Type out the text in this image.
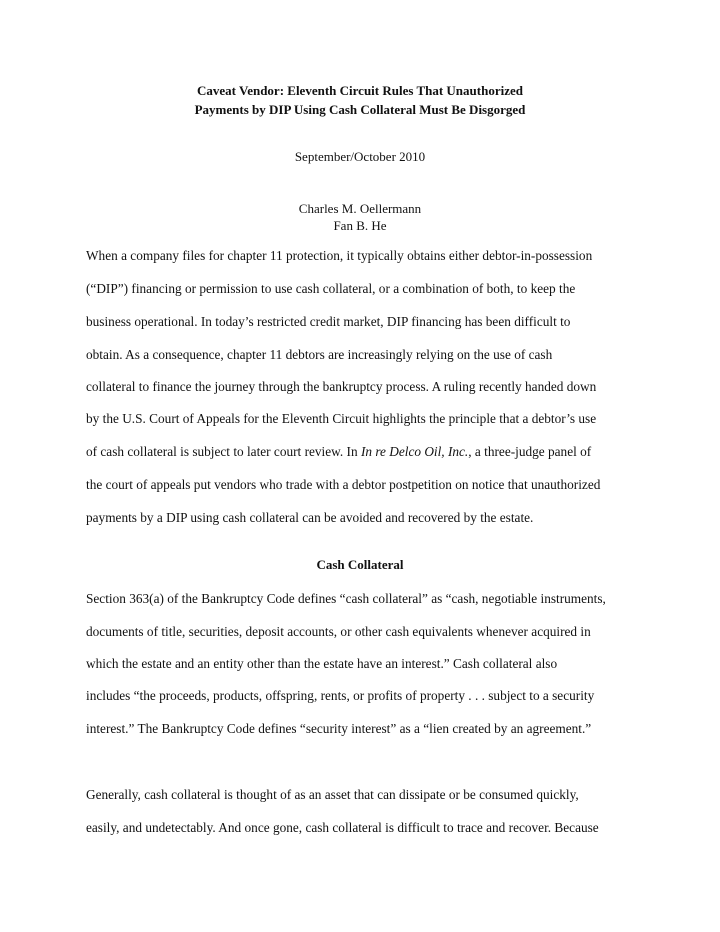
Caveat Vendor: Eleventh Circuit Rules That Unauthorized
Payments by DIP Using Cash Collateral Must Be Disgorged

September/October 2010

Charles M. Oellermann
Fan B. He

When a company files for chapter 11 protection, it typically obtains either debtor-in-possession

(“DIP”) financing or permission to use cash collateral, or a combination of both, to keep the

business operational. In today’s restricted credit market, DIP financing has been difficult to

obtain. As a consequence, chapter 11 debtors are increasingly relying on the use of cash

collateral to finance the journey through the bankruptcy process. A ruling recently handed down

by the U.S. Court of Appeals for the Eleventh Circuit highlights the principle that a debtor’s use

of cash collateral is subject to later court review. In In re Delco Oil, Inc., a three-judge panel of

the court of appeals put vendors who trade with a debtor postpetition on notice that unauthorized

payments by a DIP using cash collateral can be avoided and recovered by the estate.

Cash Collateral

Section 363(a) of the Bankruptcy Code defines “cash collateral” as “cash, negotiable instruments,

documents of title, securities, deposit accounts, or other cash equivalents whenever acquired in

which the estate and an entity other than the estate have an interest.” Cash collateral also

includes “the proceeds, products, offspring, rents, or profits of property . . . subject to a security

interest.” The Bankruptcy Code defines “security interest” as a “lien created by an agreement.”

Generally, cash collateral is thought of as an asset that can dissipate or be consumed quickly,

easily, and undetectably. And once gone, cash collateral is difficult to trace and recover. Because
